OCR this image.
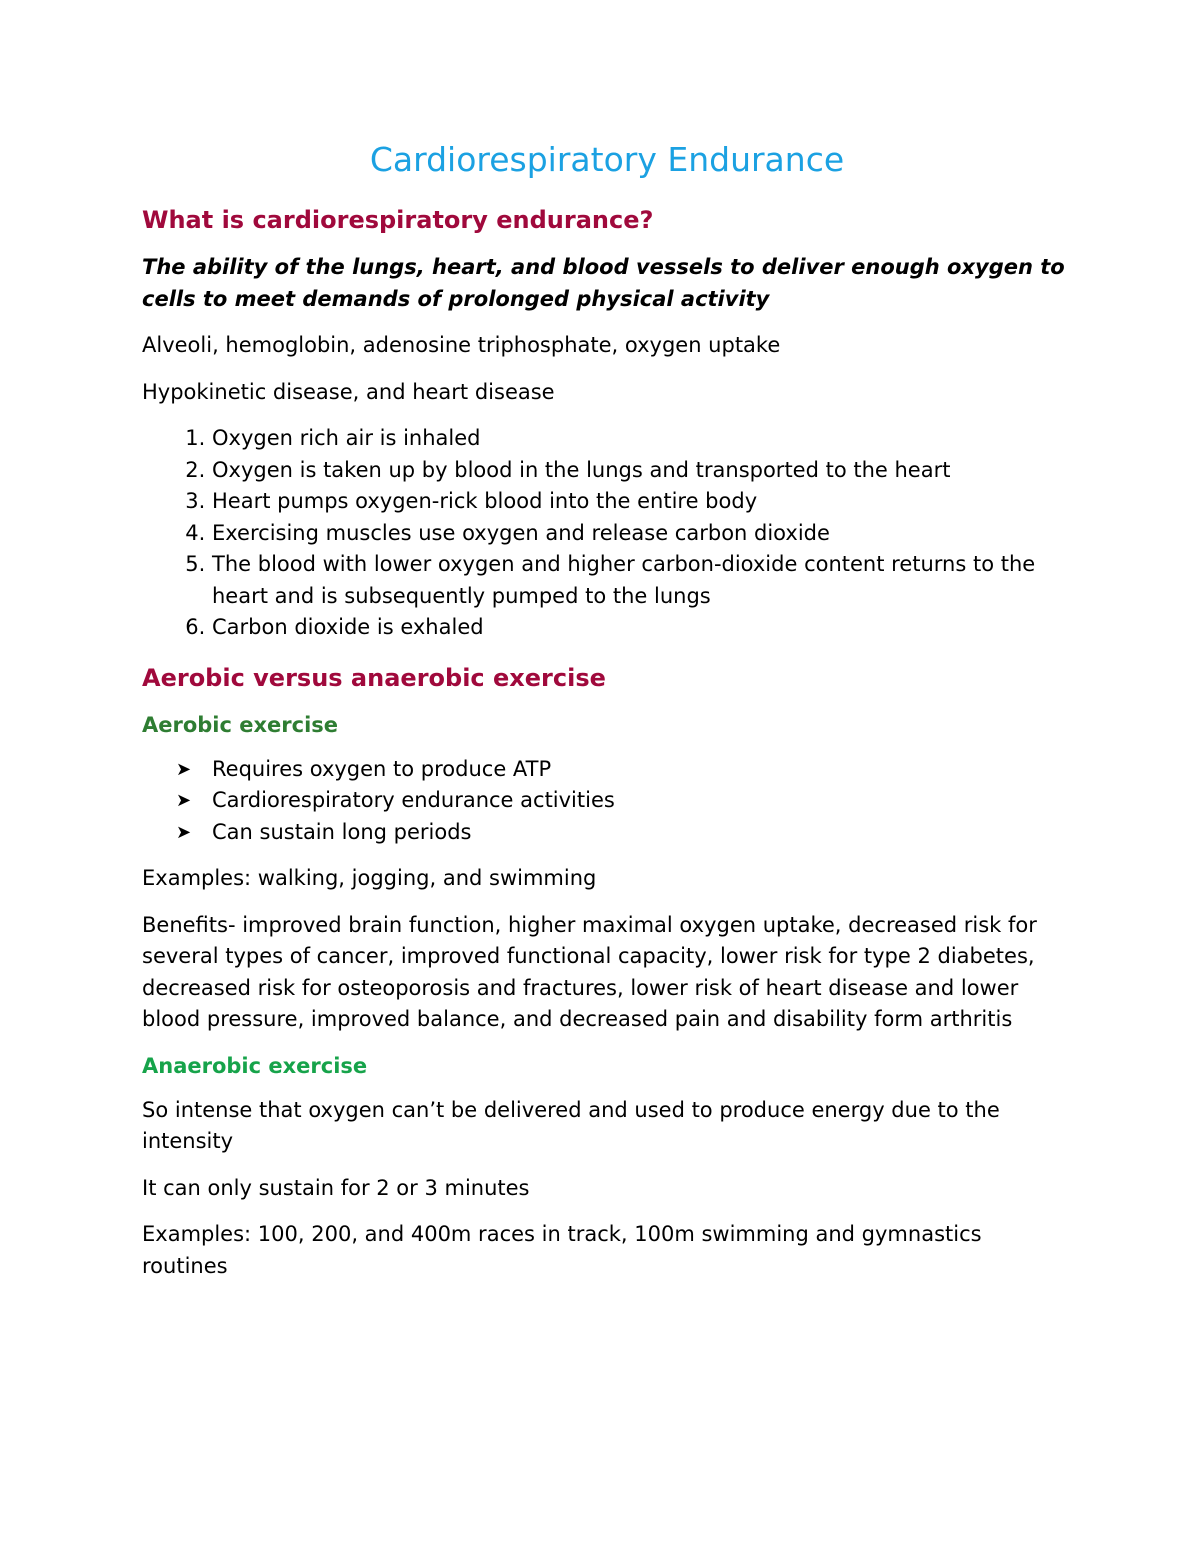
Cardiorespiratory Endurance
What is cardiorespiratory endurance?
The ability of the lungs, heart, and blood vessels to deliver enough oxygen to cells to meet demands of prolonged physical activity
Alveoli, hemoglobin, adenosine triphosphate, oxygen uptake
Hypokinetic disease, and heart disease
1. Oxygen rich air is inhaled
2. Oxygen is taken up by blood in the lungs and transported to the heart
3. Heart pumps oxygen-rick blood into the entire body
4. Exercising muscles use oxygen and release carbon dioxide
5. The blood with lower oxygen and higher carbon-dioxide content returns to the heart and is subsequently pumped to the lungs
6. Carbon dioxide is exhaled
Aerobic versus anaerobic exercise
Aerobic exercise
➤ Requires oxygen to produce ATP
➤ Cardiorespiratory endurance activities
➤ Can sustain long periods
Examples: walking, jogging, and swimming
Benefits- improved brain function, higher maximal oxygen uptake, decreased risk for several types of cancer, improved functional capacity, lower risk for type 2 diabetes, decreased risk for osteoporosis and fractures, lower risk of heart disease and lower blood pressure, improved balance, and decreased pain and disability form arthritis
Anaerobic exercise
So intense that oxygen can’t be delivered and used to produce energy due to the intensity
It can only sustain for 2 or 3 minutes
Examples: 100, 200, and 400m races in track, 100m swimming and gymnastics routines
